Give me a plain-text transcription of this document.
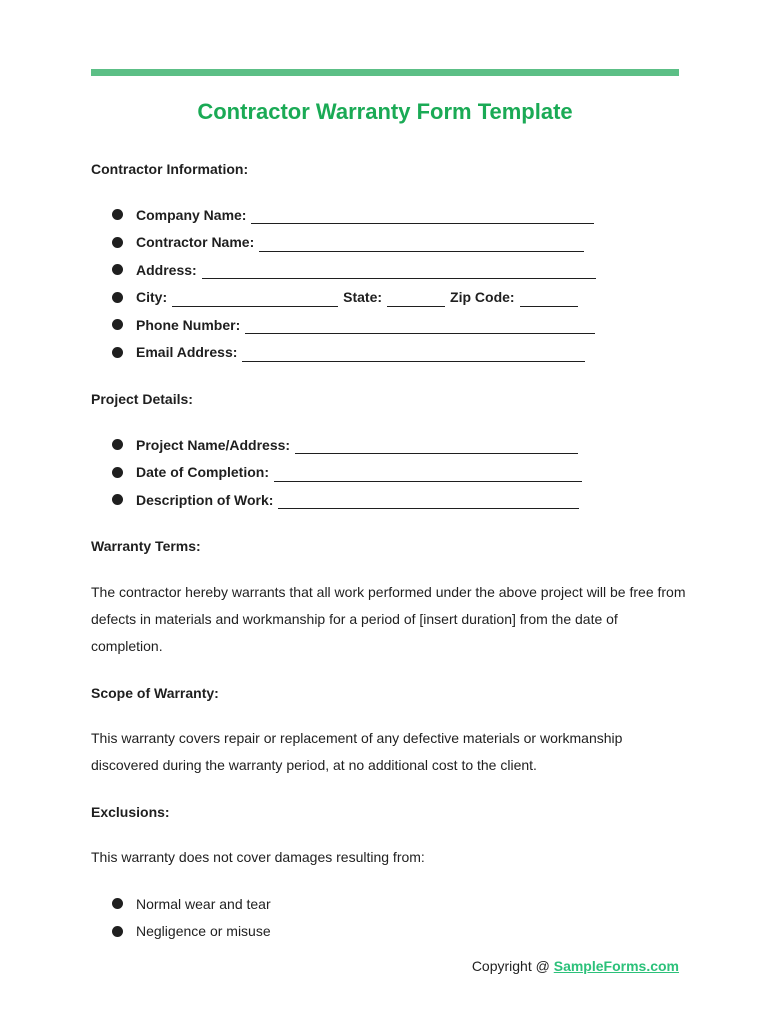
Contractor Warranty Form Template
Contractor Information:
Company Name:
Contractor Name:
Address:
City:	State:	Zip Code:
Phone Number:
Email Address:
Project Details:
Project Name/Address:
Date of Completion:
Description of Work:
Warranty Terms:

The contractor hereby warrants that all work performed under the above project will be free from defects in materials and workmanship for a period of [insert duration] from the date of completion.

Scope of Warranty:

This warranty covers repair or replacement of any defective materials or workmanship discovered during the warranty period, at no additional cost to the client.

Exclusions:

This warranty does not cover damages resulting from:

Normal wear and tear
Negligence or misuse
Copyright @ SampleForms.com
